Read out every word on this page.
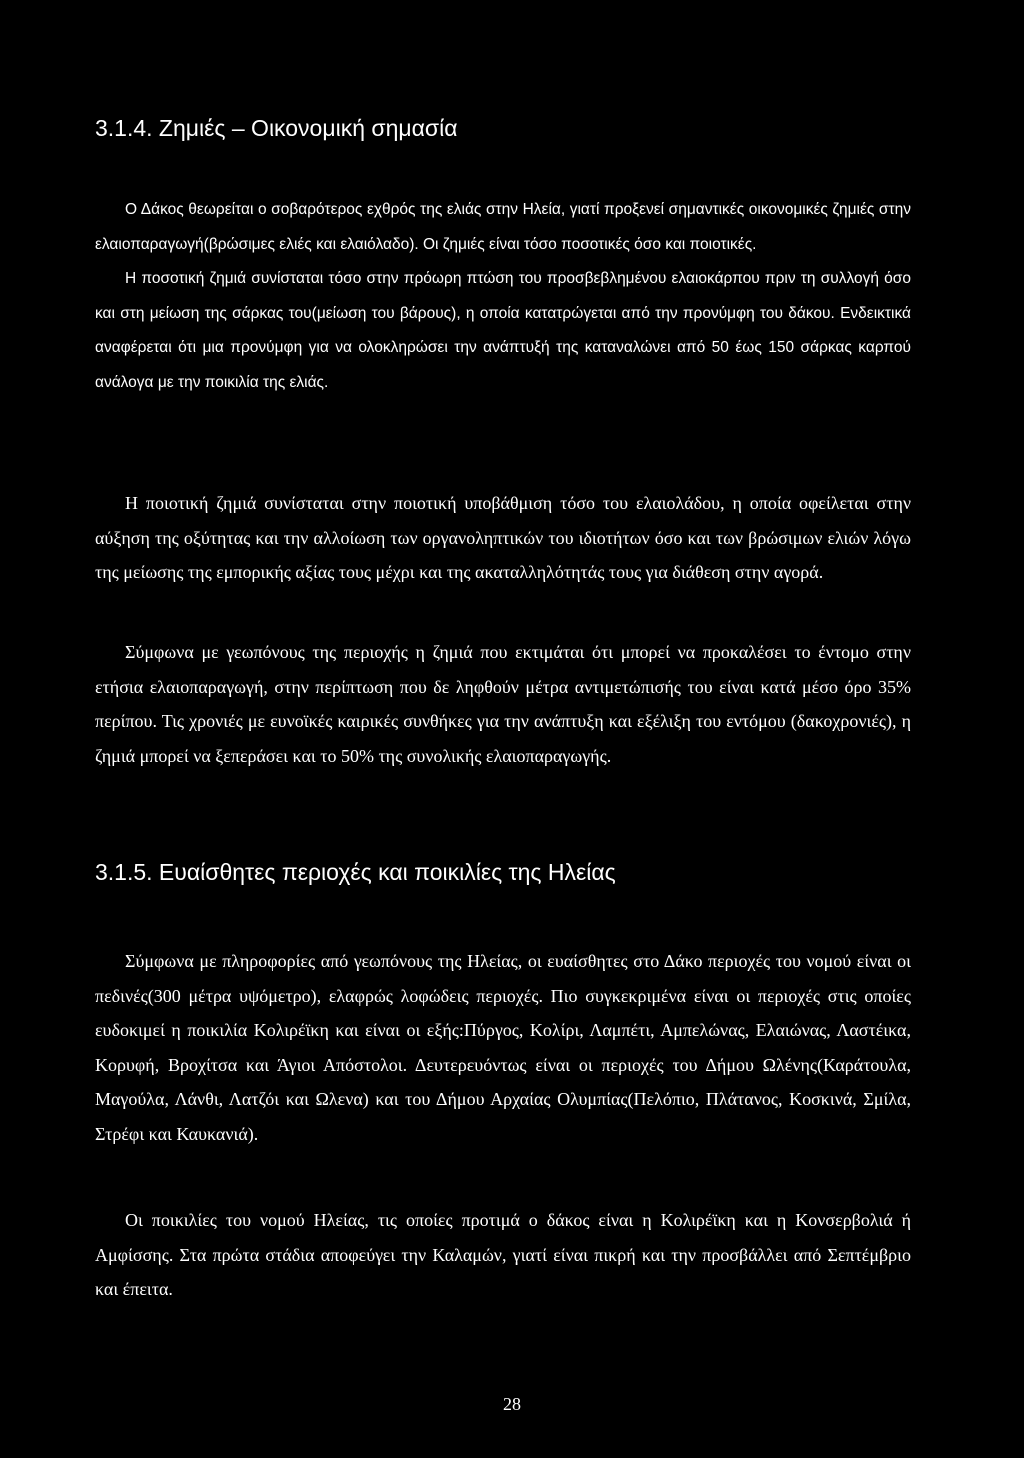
3.1.4. Ζημιές – Οικονομική σημασία

Ο Δάκος θεωρείται ο σοβαρότερος εχθρός της ελιάς στην Ηλεία, γιατί προξενεί σημαντικές οικονομικές ζημιές στην ελαιοπαραγωγή(βρώσιμες ελιές και ελαιόλαδο). Οι ζημιές είναι τόσο ποσοτικές όσο και ποιοτικές.

Η ποσοτική ζημιά συνίσταται τόσο στην πρόωρη πτώση του προσβεβλημένου ελαιοκάρπου πριν τη συλλογή όσο και στη μείωση της σάρκας του(μείωση του βάρους), η οποία κατατρώγεται από την προνύμφη του δάκου. Ενδεικτικά αναφέρεται ότι μια προνύμφη για να ολοκληρώσει την ανάπτυξή της καταναλώνει από 50 έως 150 σάρκας καρπού ανάλογα με την ποικιλία της ελιάς.

Η ποιοτική ζημιά συνίσταται στην ποιοτική υποβάθμιση τόσο του ελαιολάδου, η οποία οφείλεται στην αύξηση της οξύτητας και την αλλοίωση των οργανοληπτικών του ιδιοτήτων όσο και των βρώσιμων ελιών λόγω της μείωσης της εμπορικής αξίας τους μέχρι και της ακαταλληλότητάς τους για διάθεση στην αγορά.

Σύμφωνα με γεωπόνους της περιοχής η ζημιά που εκτιμάται ότι μπορεί να προκαλέσει το έντομο στην ετήσια ελαιοπαραγωγή, στην περίπτωση που δε ληφθούν μέτρα αντιμετώπισής του είναι κατά μέσο όρο 35% περίπου. Τις χρονιές με ευνοϊκές καιρικές συνθήκες για την ανάπτυξη και εξέλιξη του εντόμου (δακοχρονιές), η ζημιά μπορεί να ξεπεράσει και το 50% της συνολικής ελαιοπαραγωγής.

3.1.5. Ευαίσθητες περιοχές και ποικιλίες της Ηλείας

Σύμφωνα με πληροφορίες από γεωπόνους της Ηλείας, οι ευαίσθητες στο Δάκο περιοχές του νομού είναι οι πεδινές(300 μέτρα υψόμετρο), ελαφρώς λοφώδεις περιοχές. Πιο συγκεκριμένα είναι οι περιοχές στις οποίες ευδοκιμεί η ποικιλία Κολιρέϊκη και είναι οι εξής:Πύργος, Κολίρι, Λαμπέτι, Αμπελώνας, Ελαιώνας, Λαστέικα, Κορυφή, Βροχίτσα και Άγιοι Απόστολοι. Δευτερευόντως είναι οι περιοχές του Δήμου Ωλένης(Καράτουλα, Μαγούλα, Λάνθι, Λατζόι και Ωλενα) και του Δήμου Αρχαίας Ολυμπίας(Πελόπιο, Πλάτανος, Κοσκινά, Σμίλα, Στρέφι και Καυκανιά).

Οι ποικιλίες του νομού Ηλείας, τις οποίες προτιμά ο δάκος είναι η Κολιρέϊκη και η Κονσερβολιά ή Αμφίσσης. Στα πρώτα στάδια αποφεύγει την Καλαμών, γιατί είναι πικρή και την προσβάλλει από Σεπτέμβριο και έπειτα.

28
